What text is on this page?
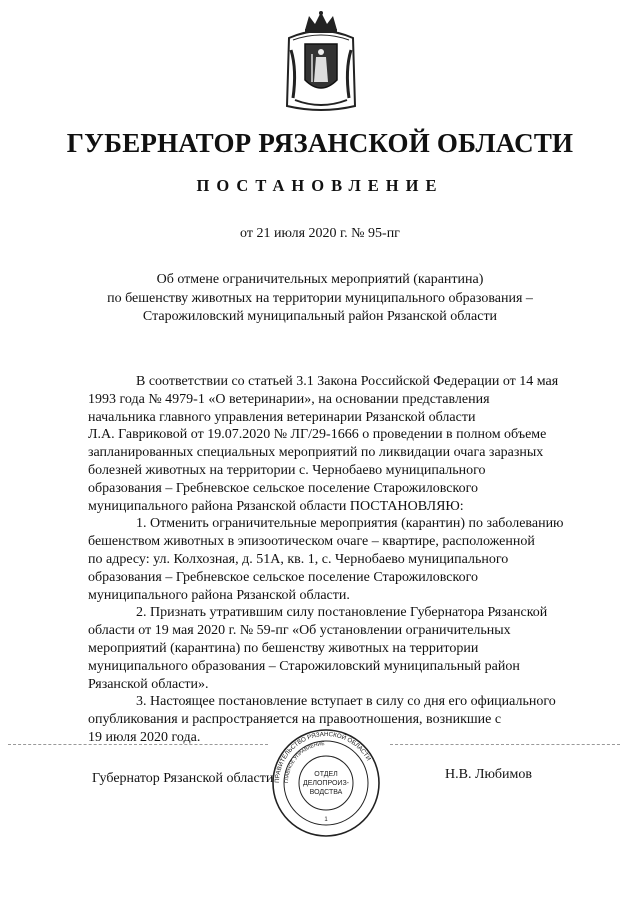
ГУБЕРНАТОР РЯЗАНСКОЙ ОБЛАСТИ
ПОСТАНОВЛЕНИЕ
от 21 июля 2020 г. № 95-пг
Об отмене ограничительных мероприятий (карантина)
по бешенству животных на территории муниципального образования –
Старожиловский муниципальный район Рязанской области
В соответствии со статьей 3.1 Закона Российской Федерации от 14 мая
1993 года № 4979-1 «О ветеринарии», на основании представления
начальника главного управления ветеринарии Рязанской области
Л.А. Гавриковой от 19.07.2020 № ЛГ/29-1666 о проведении в полном объеме
запланированных специальных мероприятий по ликвидации очага заразных
болезней животных на территории с. Чернобаево муниципального
образования – Гребневское сельское поселение Старожиловского
муниципального района Рязанской области ПОСТАНОВЛЯЮ:
1. Отменить ограничительные мероприятия (карантин) по заболеванию
бешенством животных в эпизоотическом очаге – квартире, расположенной
по адресу: ул. Колхозная, д. 51А, кв. 1, с. Чернобаево муниципального
образования – Гребневское сельское поселение Старожиловского
муниципального района Рязанской области.
2. Признать утратившим силу постановление Губернатора Рязанской
области от 19 мая 2020 г. № 59-пг «Об установлении ограничительных
мероприятий (карантина) по бешенству животных на территории
муниципального образования – Старожиловский муниципальный район
Рязанской области».
3. Настоящее постановление вступает в силу со дня его официального
опубликования и распространяется на правоотношения, возникшие с
19 июля 2020 года.
Губернатор Рязанской области	Н.В. Любимов
ПРАВИТЕЛЬСТВО РЯЗАНСКОЙ ОБЛАСТИ
ГЛАВНОЕ УПРАВЛЕНИЕ
ОТДЕЛ
ДЕЛОПРОИЗ-
ВОДСТВА
1
